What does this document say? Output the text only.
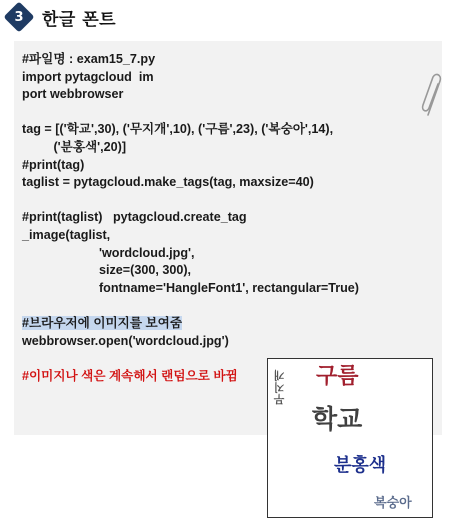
3	한글 폰트
#파일명 : exam15_7.py
import pytagcloud  im
port webbrowser
tag = [('학교',30), ('무지개',10), ('구름',23), ('복숭아',14),
('분홍색',20)]
#print(tag)
taglist = pytagcloud.make_tags(tag, maxsize=40)
#print(taglist)   pytagcloud.create_tag
_image(taglist,
'wordcloud.jpg',
size=(300, 300),
fontname='HangleFont1', rectangular=True)
#브라우저에 이미지를 보여줌
webbrowser.open('wordcloud.jpg')
#이미지나 색은 계속해서 랜덤으로 바뀜	구름
학교
분홍색
복숭아
무지개
